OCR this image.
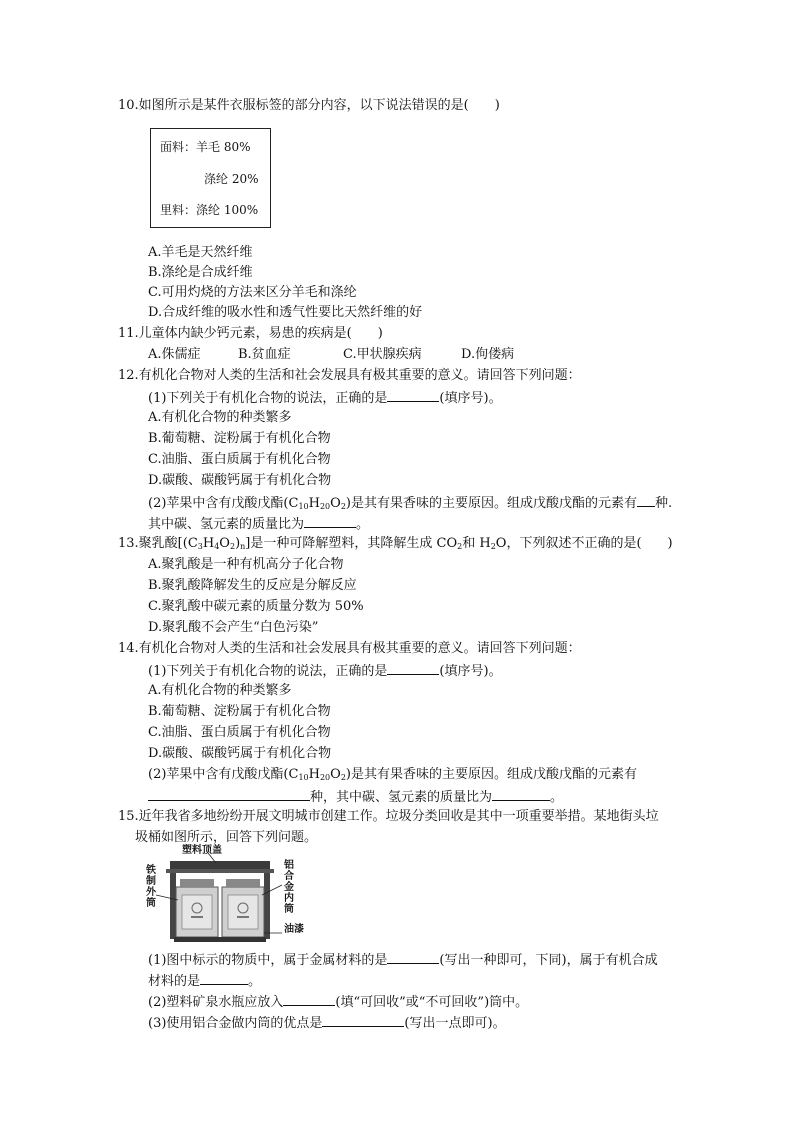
10.如图所示是某件衣服标签的部分内容，以下说法错误的是(　　)
面料：羊毛 80%
涤纶 20%
里料：涤纶 100%
A.羊毛是天然纤维
B.涤纶是合成纤维
C.可用灼烧的方法来区分羊毛和涤纶
D.合成纤维的吸水性和透气性要比天然纤维的好
11.儿童体内缺少钙元素，易患的疾病是(　　)
A.侏儒症	B.贫血症	C.甲状腺疾病	D.佝偻病
12.有机化合物对人类的生活和社会发展具有极其重要的意义。请回答下列问题：
(1)下列关于有机化合物的说法，正确的是	(填序号)。
A.有机化合物的种类繁多
B.葡萄糖、淀粉属于有机化合物
C.油脂、蛋白质属于有机化合物
D.碳酸、碳酸钙属于有机化合物
(2)苹果中含有戊酸戊酯$(C_{10}H_{20}O_2)$是其有果香味的主要原因。组成戊酸戊酯的元素有 种.
其中碳、氢元素的质量比为	。
13.聚乳酸$[(C_3H_4O_2)_n]$是一种可降解塑料，其降解生成 $CO_2$和 $H_2O$，下列叙述不正确的是(　　)
A.聚乳酸是一种有机高分子化合物
B.聚乳酸降解发生的反应是分解反应
C.聚乳酸中碳元素的质量分数为 50%
D.聚乳酸不会产生“白色污染”
14.有机化合物对人类的生活和社会发展具有极其重要的意义。请回答下列问题：
(1)下列关于有机化合物的说法，正确的是	(填序号)。
A.有机化合物的种类繁多
B.葡萄糖、淀粉属于有机化合物
C.油脂、蛋白质属于有机化合物
D.碳酸、碳酸钙属于有机化合物
(2)苹果中含有戊酸戊酯$(C_{10}H_{20}O_2)$是其有果香味的主要原因。组成戊酸戊酯的元素有
种，其中碳、氢元素的质量比为	。
15.近年我省多地纷纷开展文明城市创建工作。垃圾分类回收是其中一项重要举措。某地街头垃
圾桶如图所示，回答下列问题。
塑料顶盖
铁制外筒
铝合金内筒
油漆
(1)图中标示的物质中，属于金属材料的是	(写出一种即可，下同)，属于有机合成
材料的是	。
(2)塑料矿泉水瓶应放入	(填“可回收”或“不可回收”)筒中。
(3)使用铝合金做内筒的优点是	(写出一点即可)。
